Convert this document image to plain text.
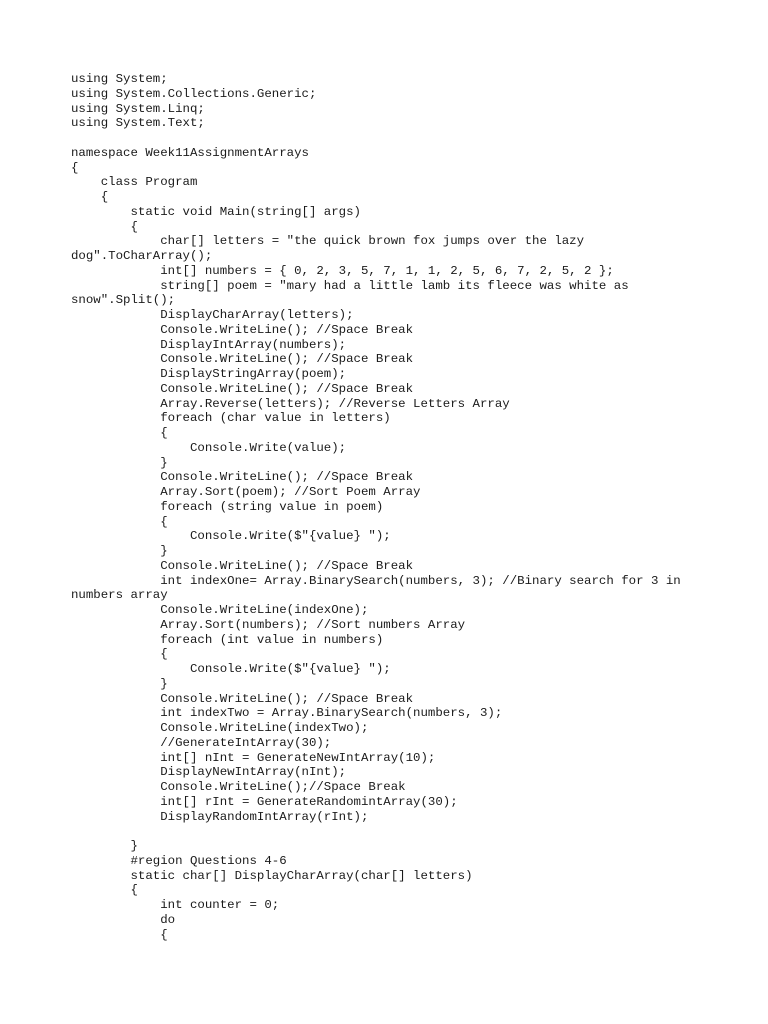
using System;
using System.Collections.Generic;
using System.Linq;
using System.Text;
namespace Week11AssignmentArrays
{
class Program
{
static void Main(string[] args)
{
char[] letters = "the quick brown fox jumps over the lazy
dog".ToCharArray();
int[] numbers = { 0, 2, 3, 5, 7, 1, 1, 2, 5, 6, 7, 2, 5, 2 };
string[] poem = "mary had a little lamb its fleece was white as
snow".Split();
DisplayCharArray(letters);
Console.WriteLine(); //Space Break
DisplayIntArray(numbers);
Console.WriteLine(); //Space Break
DisplayStringArray(poem);
Console.WriteLine(); //Space Break
Array.Reverse(letters); //Reverse Letters Array
foreach (char value in letters)
{
Console.Write(value);
}
Console.WriteLine(); //Space Break
Array.Sort(poem); //Sort Poem Array
foreach (string value in poem)
{
Console.Write($"{value} ");
}
Console.WriteLine(); //Space Break
int indexOne= Array.BinarySearch(numbers, 3); //Binary search for 3 in
numbers array
Console.WriteLine(indexOne);
Array.Sort(numbers); //Sort numbers Array
foreach (int value in numbers)
{
Console.Write($"{value} ");
}
Console.WriteLine(); //Space Break
int indexTwo = Array.BinarySearch(numbers, 3);
Console.WriteLine(indexTwo);
//GenerateIntArray(30);
int[] nInt = GenerateNewIntArray(10);
DisplayNewIntArray(nInt);
Console.WriteLine();//Space Break
int[] rInt = GenerateRandomintArray(30);
DisplayRandomIntArray(rInt);
}
#region Questions 4-6
static char[] DisplayCharArray(char[] letters)
{
int counter = 0;
do
{
